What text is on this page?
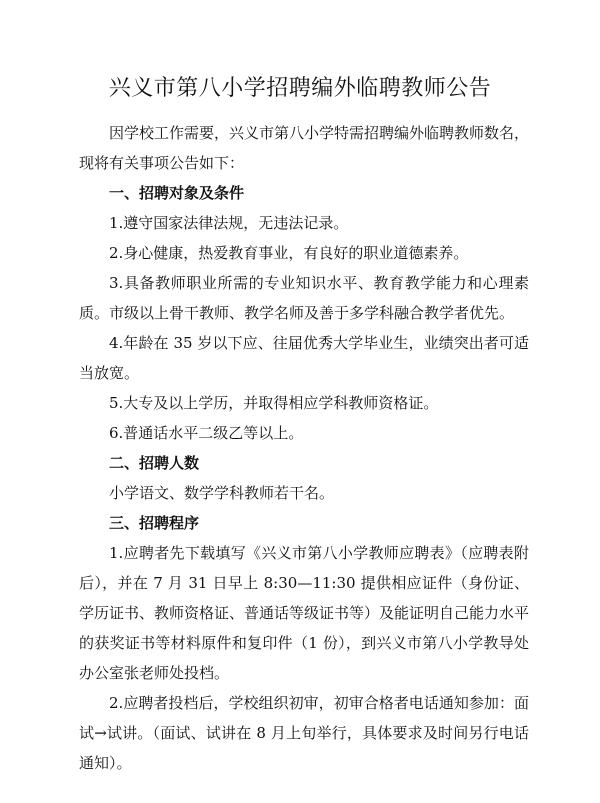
兴义市第八小学招聘编外临聘教师公告

因学校工作需要，兴义市第八小学特需招聘编外临聘教师数名，现将有关事项公告如下：

一、招聘对象及条件

1.遵守国家法律法规，无违法记录。

2.身心健康，热爱教育事业，有良好的职业道德素养。

3.具备教师职业所需的专业知识水平、教育教学能力和心理素质。市级以上骨干教师、教学名师及善于多学科融合教学者优先。

4.年龄在 35 岁以下应、往届优秀大学毕业生，业绩突出者可适当放宽。

5.大专及以上学历，并取得相应学科教师资格证。

6.普通话水平二级乙等以上。

二、招聘人数

小学语文、数学学科教师若干名。

三、招聘程序

1.应聘者先下载填写《兴义市第八小学教师应聘表》（应聘表附后），并在 7 月 31 日早上 8:30—11:30 提供相应证件（身份证、学历证书、教师资格证、普通话等级证书等）及能证明自己能力水平的获奖证书等材料原件和复印件（1 份），到兴义市第八小学教导处办公室张老师处投档。

2.应聘者投档后，学校组织初审，初审合格者电话通知参加：面试→试讲。（面试、试讲在 8 月上旬举行，具体要求及时间另行电话通知）。
